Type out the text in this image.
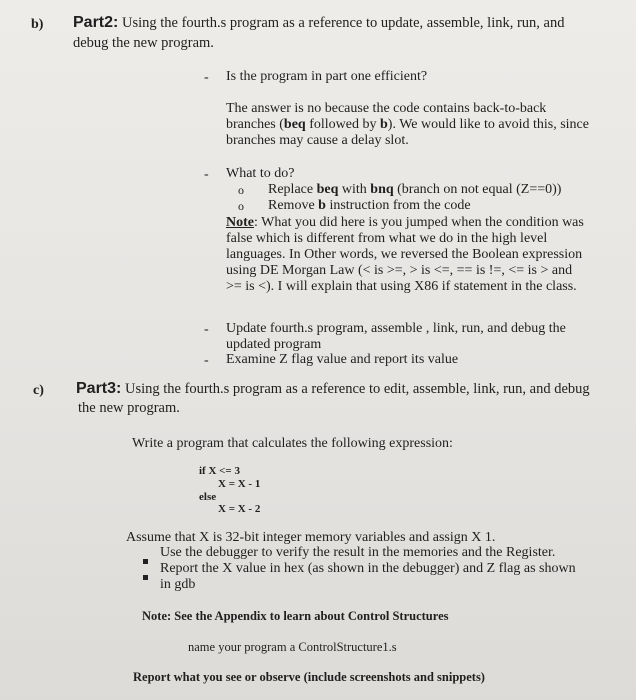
b) Part2: Using the fourth.s program as a reference to update, assemble, link, run, and
debug the new program.
- Is the program in part one efficient?
The answer is no because the code contains back-to-back
branches (beq followed by b). We would like to avoid this, since
branches may cause a delay slot.
- What to do?
o Replace beq with bnq (branch on not equal (Z==0))
o Remove b instruction from the code
Note: What you did here is you jumped when the condition was
false which is different from what we do in the high level
languages. In Other words, we reversed the Boolean expression
using DE Morgan Law (< is >=, > is <=, == is !=, <= is > and
>= is <). I will explain that using X86 if statement in the class.
- Update fourth.s program, assemble , link, run, and debug the
updated program
- Examine Z flag value and report its value
c) Part3: Using the fourth.s program as a reference to edit, assemble, link, run, and debug
the new program.
Write a program that calculates the following expression:
if X <= 3
X = X - 1
else
X = X - 2
Assume that X is 32-bit integer memory variables and assign X 1.
Use the debugger to verify the result in the memories and the Register.
Report the X value in hex (as shown in the debugger) and Z flag as shown
in gdb
Note: See the Appendix to learn about Control Structures
name your program a ControlStructure1.s
Report what you see or observe (include screenshots and snippets)
